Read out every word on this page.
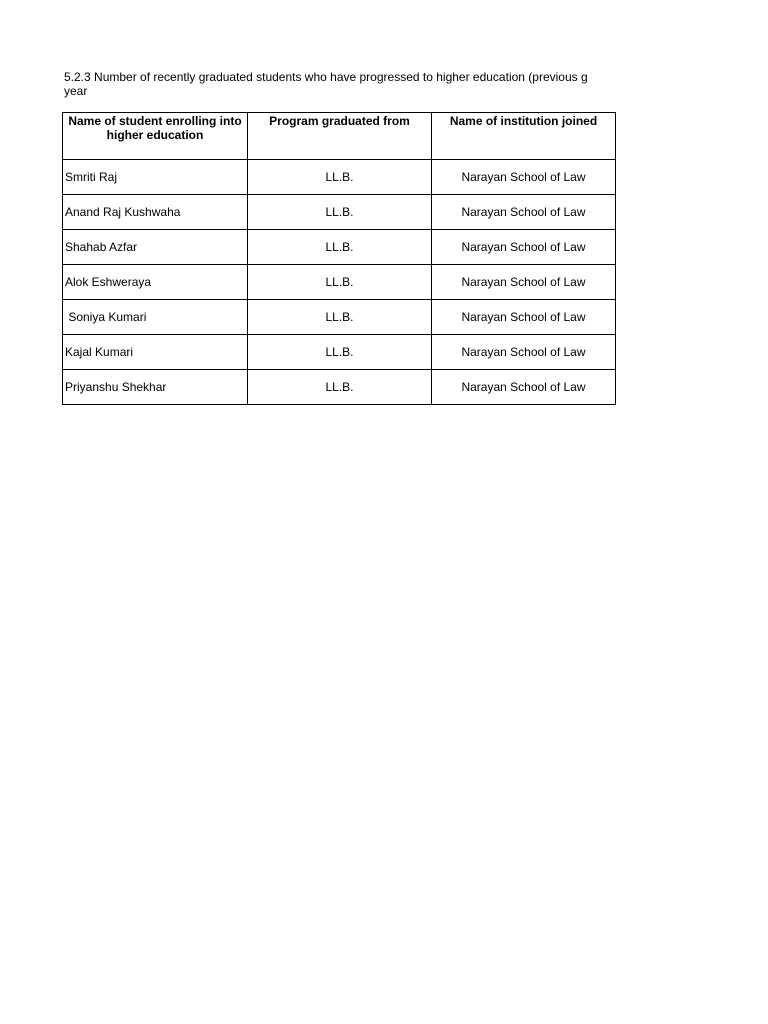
5.2.3 Number of recently graduated students who have progressed to higher education (previous g
year
Name of student enrolling into higher education	Program graduated from	Name of institution joined
Smriti Raj	LL.B.	Narayan School of Law
Anand Raj Kushwaha	LL.B.	Narayan School of Law
Shahab Azfar	LL.B.	Narayan School of Law
Alok Eshweraya	LL.B.	Narayan School of Law
Soniya Kumari	LL.B.	Narayan School of Law
Kajal Kumari	LL.B.	Narayan School of Law
Priyanshu Shekhar	LL.B.	Narayan School of Law
